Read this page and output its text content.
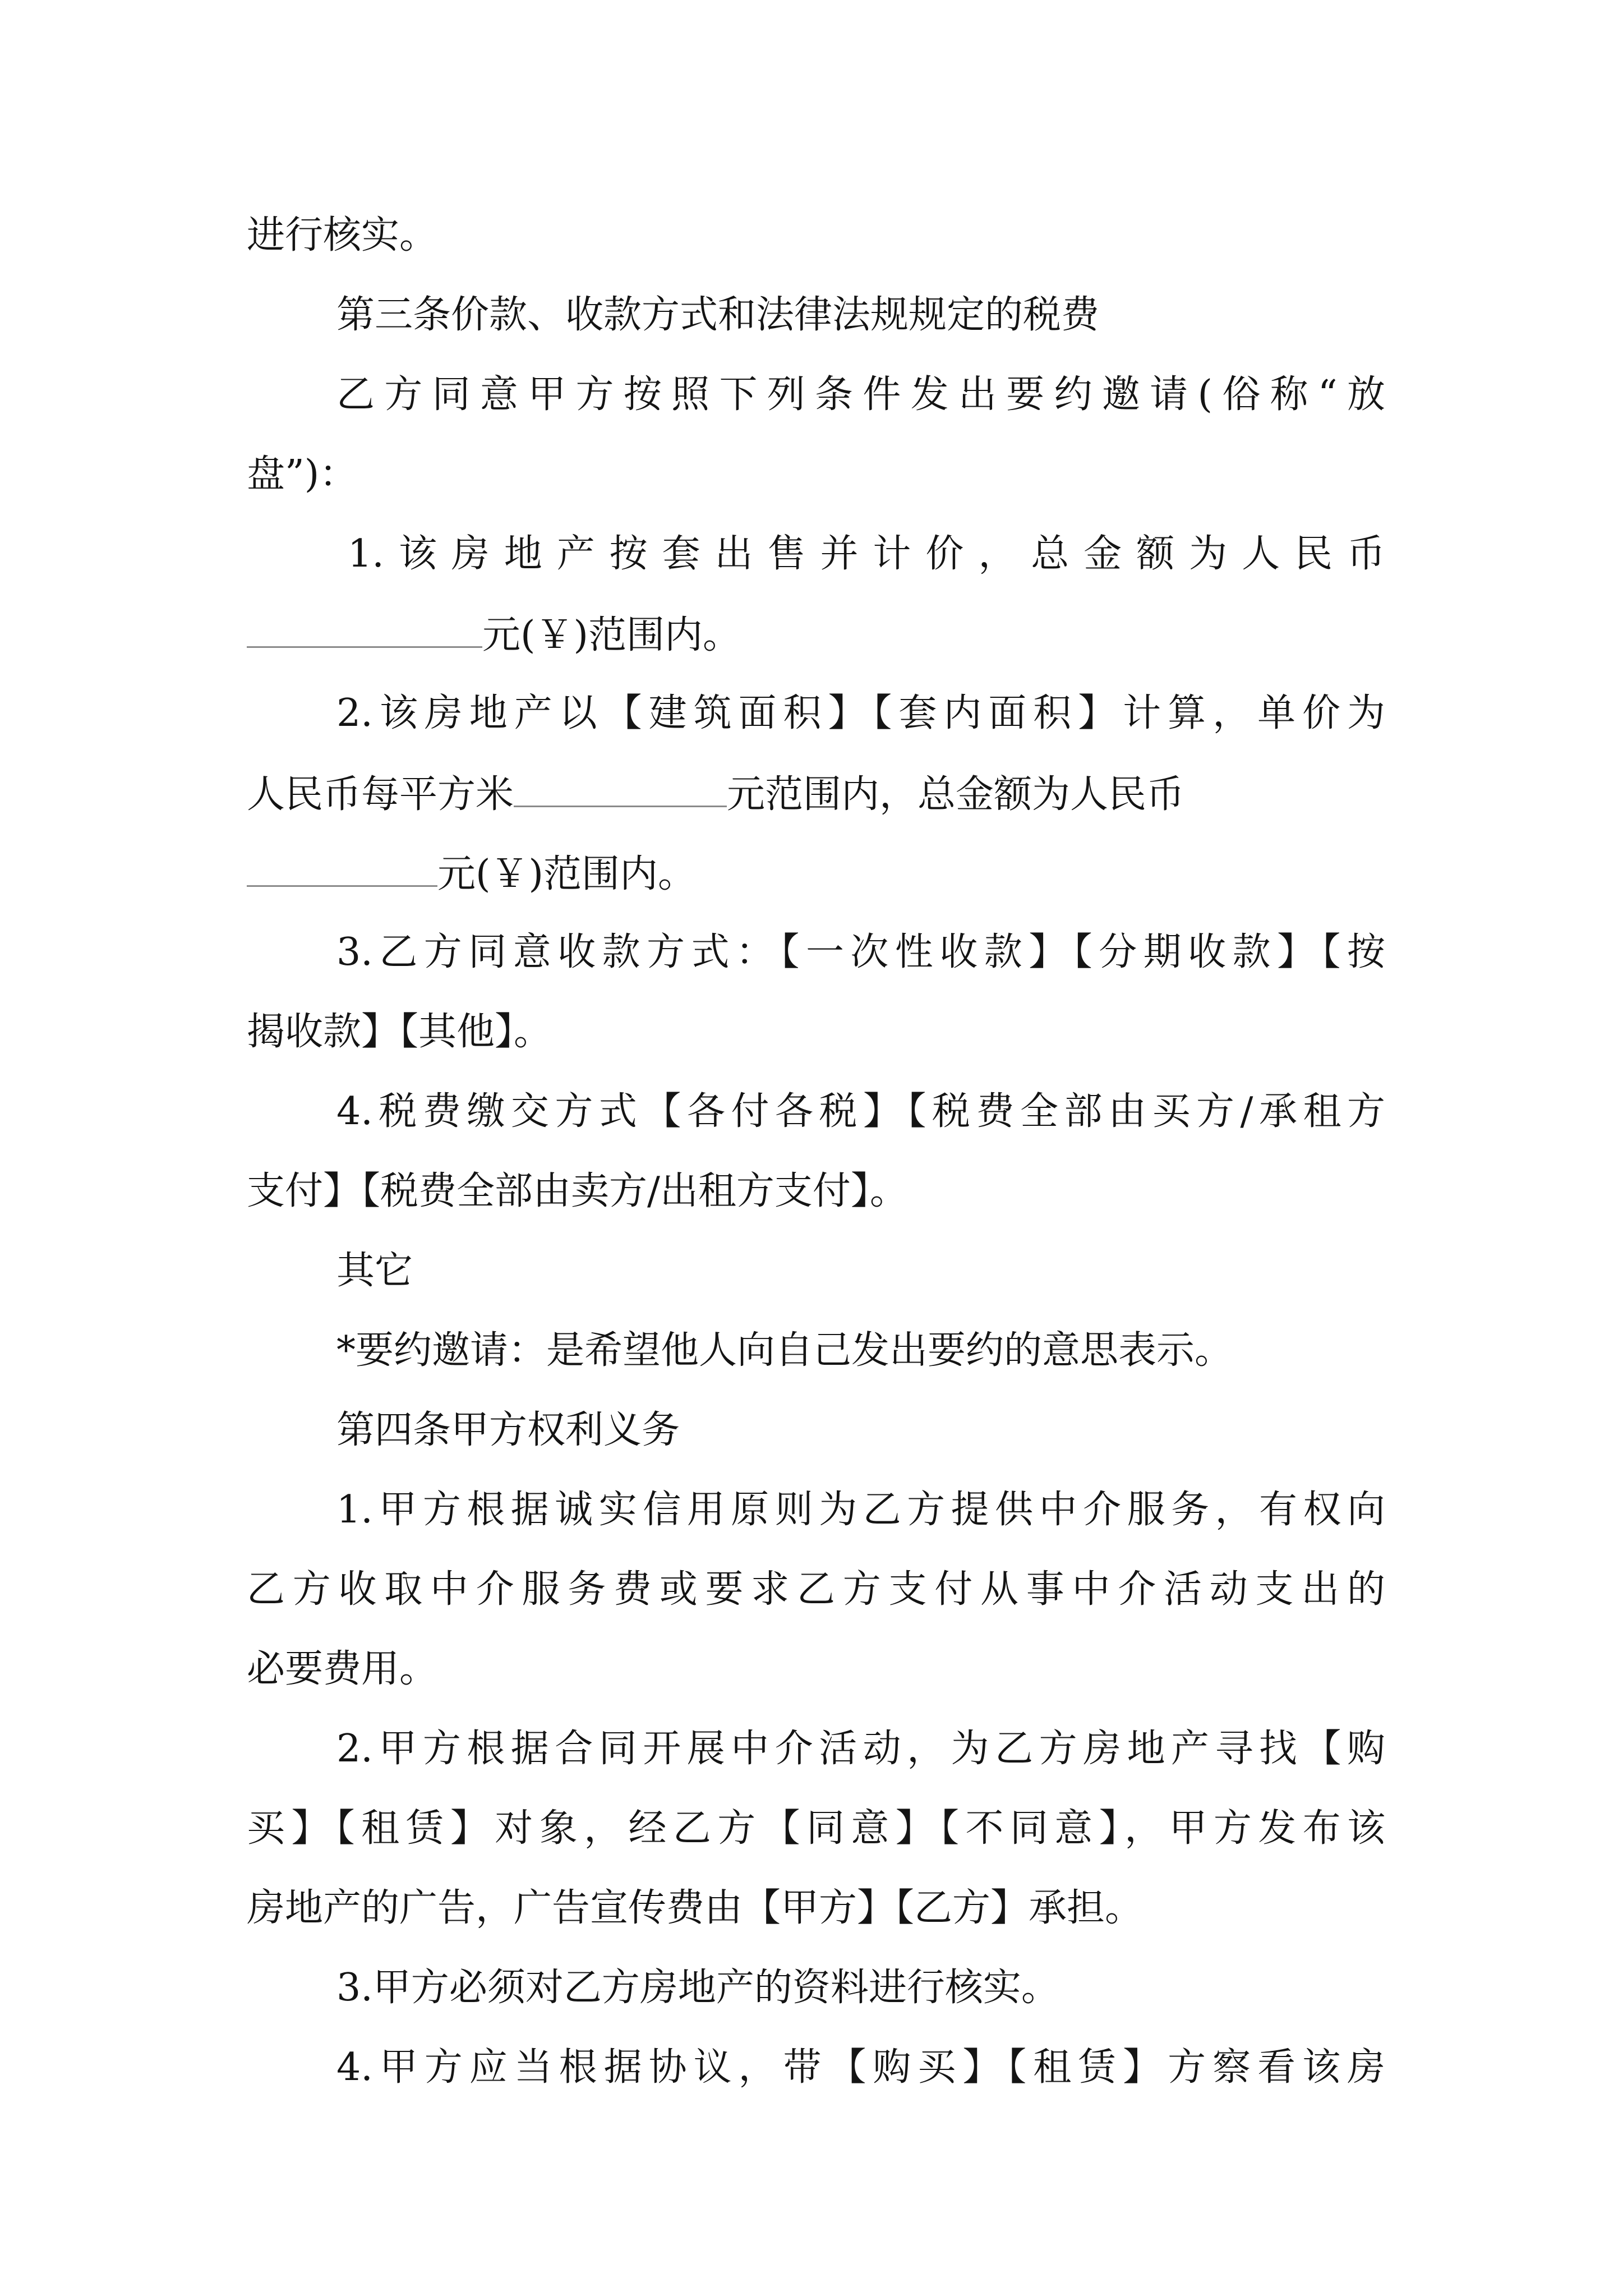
进行核实。
第三条价款、收款方式和法律法规规定的税费
乙方同意甲方按照下列条件发出要约邀请(俗称“放
盘”)：
1.该房地产按套出售并计价，总金额为人民币
元(￥)范围内。
2.该房地产以【建筑面积】【套内面积】计算，单价为
人民币每平方米	元范围内，总金额为人民币
元(￥)范围内。
3.乙方同意收款方式：【一次性收款】【分期收款】【按
揭收款】【其他】。
4.税费缴交方式【各付各税】【税费全部由买方/承租方
支付】【税费全部由卖方/出租方支付】。
其它
*要约邀请：是希望他人向自己发出要约的意思表示。
第四条甲方权利义务
1.甲方根据诚实信用原则为乙方提供中介服务，有权向
乙方收取中介服务费或要求乙方支付从事中介活动支出的
必要费用。
2.甲方根据合同开展中介活动，为乙方房地产寻找【购
买】【租赁】对象，经乙方【同意】【不同意】，甲方发布该
房地产的广告，广告宣传费由【甲方】【乙方】承担。
3.甲方必须对乙方房地产的资料进行核实。
4.甲方应当根据协议，带【购买】【租赁】方察看该房
